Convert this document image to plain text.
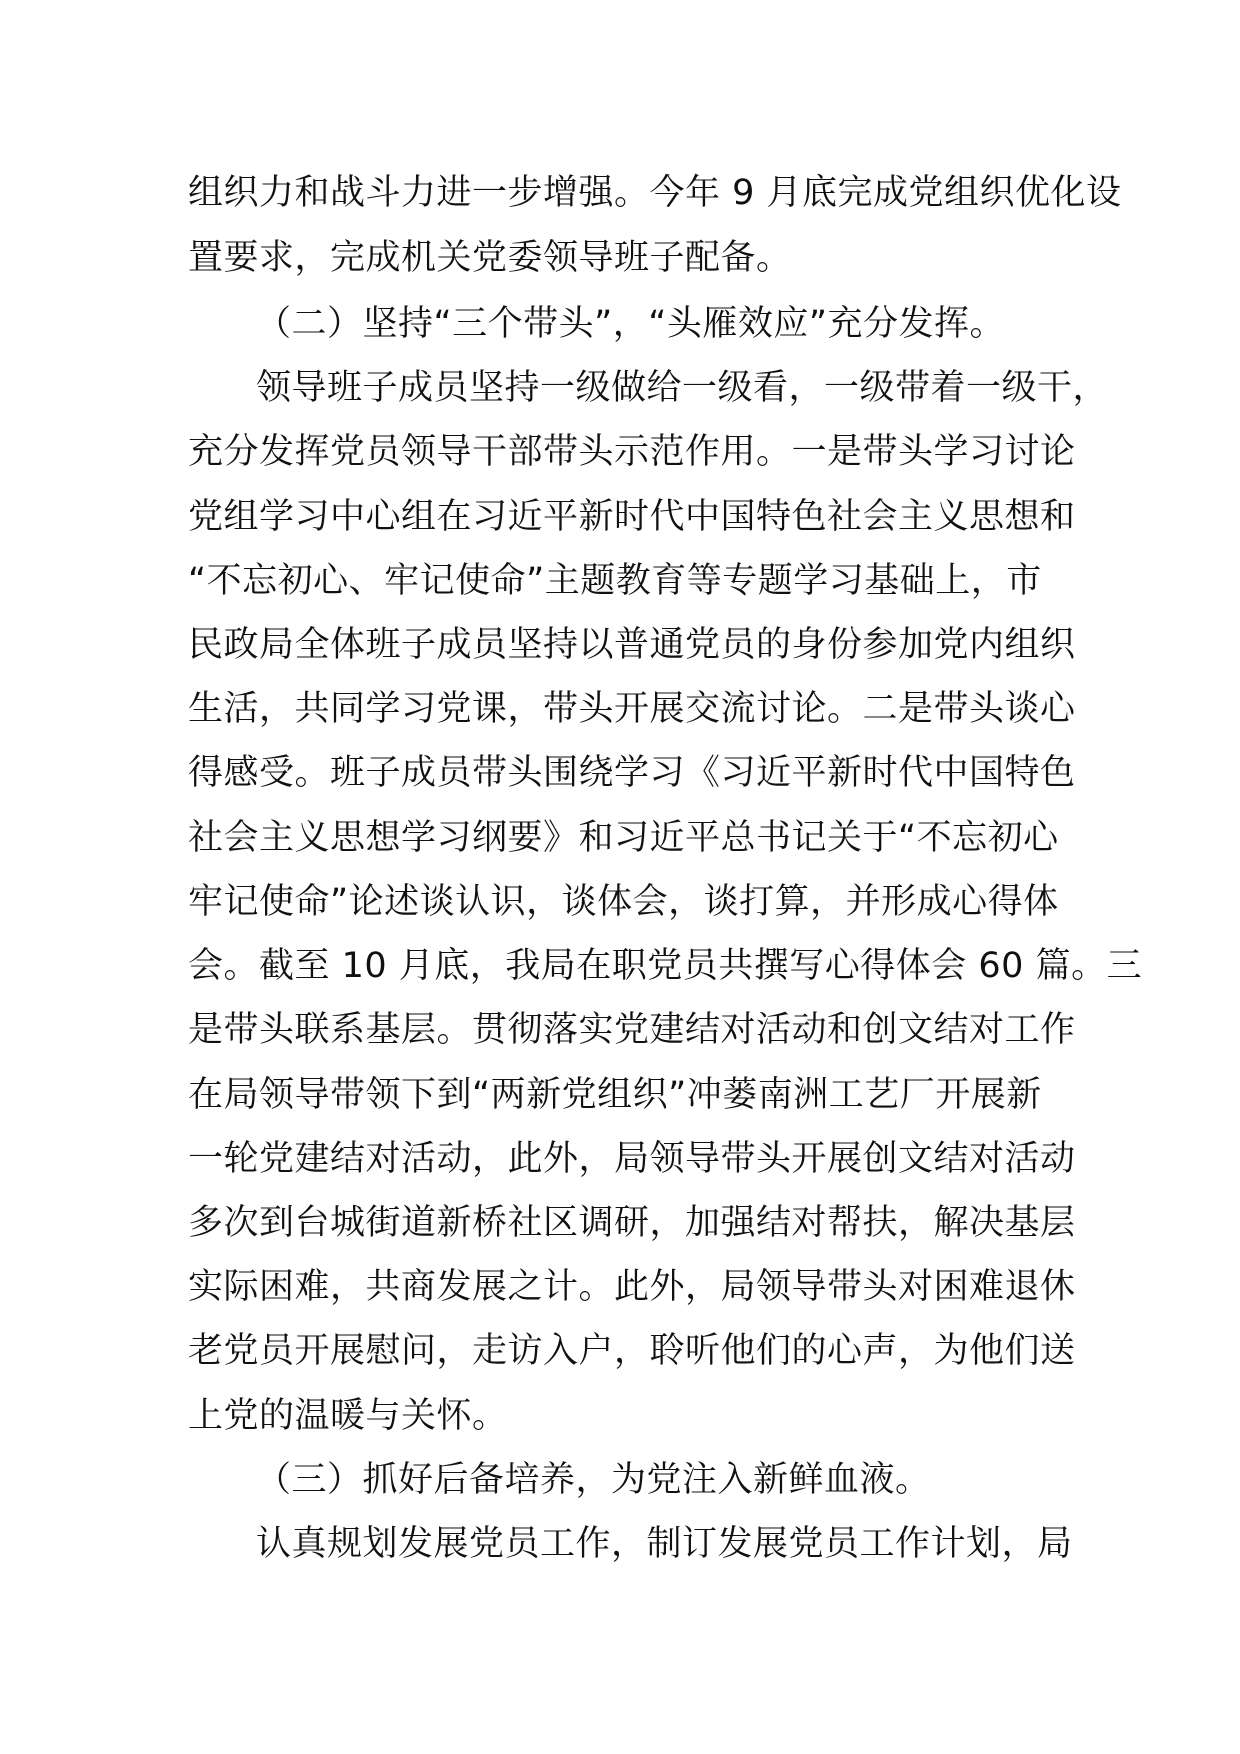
组织力和战斗力进一步增强。今年 9 月底完成党组织优化设
置要求，完成机关党委领导班子配备。
（二）坚持“三个带头”，“头雁效应”充分发挥。
领导班子成员坚持一级做给一级看，一级带着一级干，
充分发挥党员领导干部带头示范作用。一是带头学习讨论
党组学习中心组在习近平新时代中国特色社会主义思想和
“不忘初心、牢记使命”主题教育等专题学习基础上，市
民政局全体班子成员坚持以普通党员的身份参加党内组织
生活，共同学习党课，带头开展交流讨论。二是带头谈心
得感受。班子成员带头围绕学习《习近平新时代中国特色
社会主义思想学习纲要》和习近平总书记关于“不忘初心
牢记使命”论述谈认识，谈体会，谈打算，并形成心得体
会。截至 10 月底，我局在职党员共撰写心得体会 60 篇。三
是带头联系基层。贯彻落实党建结对活动和创文结对工作
在局领导带领下到“两新党组织”冲蒌南洲工艺厂开展新
一轮党建结对活动，此外，局领导带头开展创文结对活动
多次到台城街道新桥社区调研，加强结对帮扶，解决基层
实际困难，共商发展之计。此外，局领导带头对困难退休
老党员开展慰问，走访入户，聆听他们的心声，为他们送
上党的温暖与关怀。
（三）抓好后备培养，为党注入新鲜血液。
认真规划发展党员工作，制订发展党员工作计划，局
